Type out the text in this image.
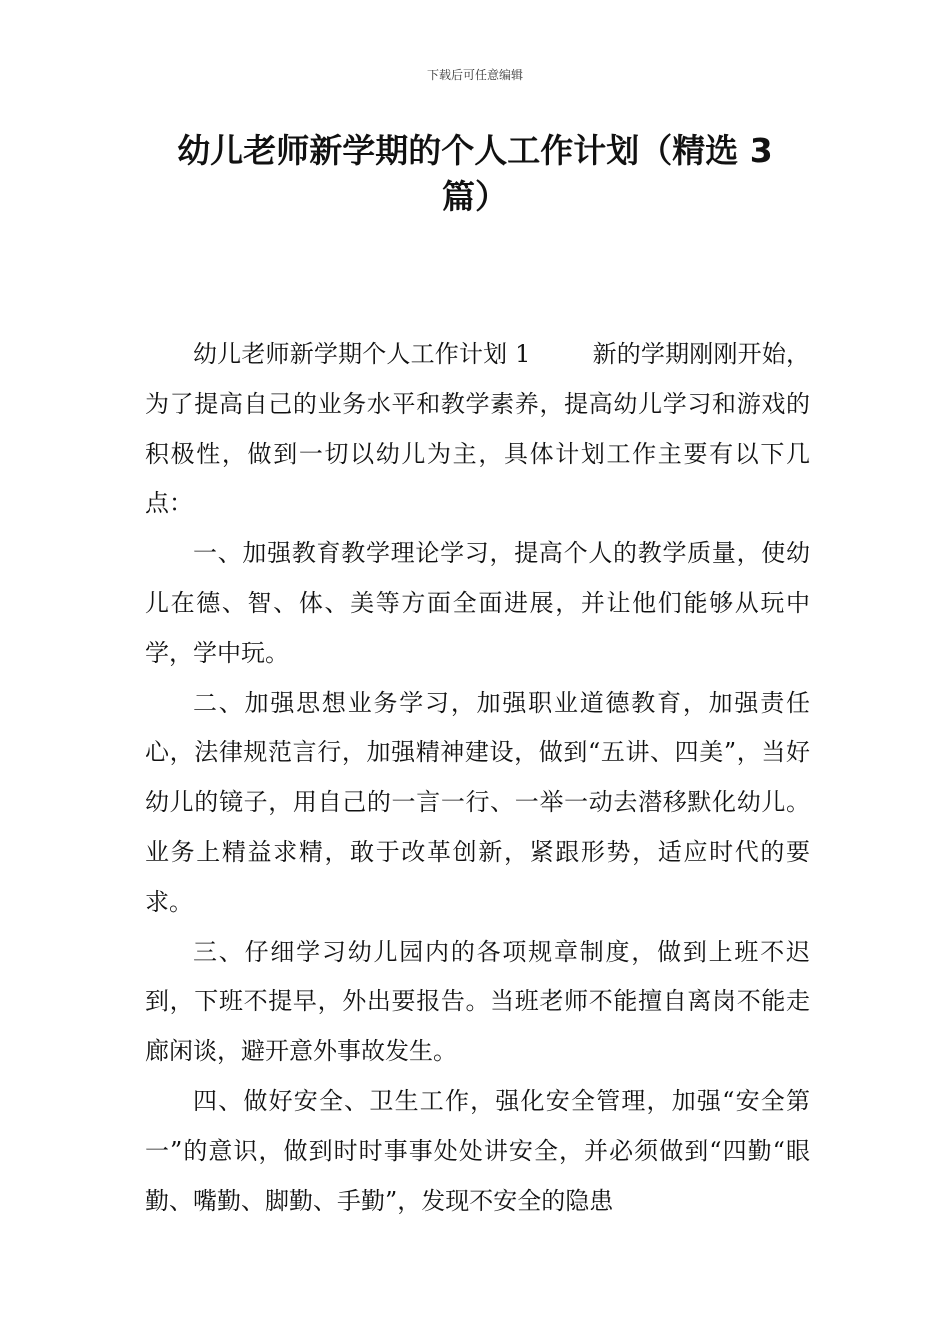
下载后可任意编辑
幼儿老师新学期的个人工作计划（精选 3 篇）

幼儿老师新学期个人工作计划 1	新的学期刚刚开始，为了提高自己的业务水平和教学素养，提高幼儿学习和游戏的积极性，做到一切以幼儿为主，具体计划工作主要有以下几点：

一、加强教育教学理论学习，提高个人的教学质量，使幼儿在德、智、体、美等方面全面进展，并让他们能够从玩中学，学中玩。

二、加强思想业务学习，加强职业道德教育，加强责任心，法律规范言行，加强精神建设，做到“五讲、四美”，当好幼儿的镜子，用自己的一言一行、一举一动去潜移默化幼儿。业务上精益求精，敢于改革创新，紧跟形势，适应时代的要求。

三、仔细学习幼儿园内的各项规章制度，做到上班不迟到，下班不提早，外出要报告。当班老师不能擅自离岗不能走廊闲谈，避开意外事故发生。

四、做好安全、卫生工作，强化安全管理，加强“安全第一”的意识，做到时时事事处处讲安全，并必须做到“四勤“眼勤、嘴勤、脚勤、手勤”，发现不安全的隐患
